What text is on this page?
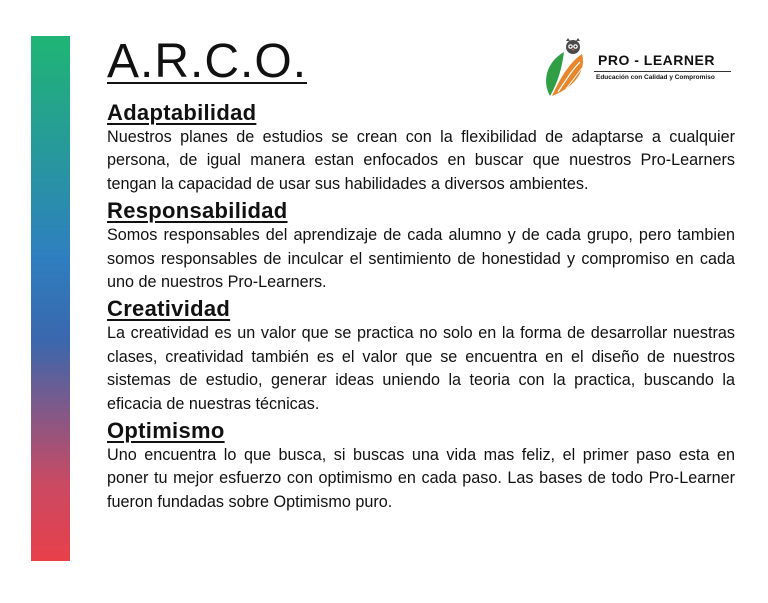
A.R.C.O.	PRO - LEARNER
Educación con Calidad y Compromiso
Adaptabilidad

Nuestros planes de estudios se crean con la flexibilidad de adaptarse a cualquier persona, de igual manera estan enfocados en buscar que nuestros Pro-Learners tengan la capacidad de usar sus habilidades a diversos ambientes.

Responsabilidad

Somos responsables del aprendizaje de cada alumno y de cada grupo, pero tambien somos responsables de inculcar el sentimiento de honestidad y compromiso en cada uno de nuestros Pro-Learners.

Creatividad

La creatividad es un valor que se practica no solo en la forma de desarrollar nuestras clases, creatividad también es el valor que se encuentra en el diseño de nuestros sistemas de estudio, generar ideas uniendo la teoria con la practica, buscando la eficacia de nuestras técnicas.

Optimismo

Uno encuentra lo que busca, si buscas una vida mas feliz, el primer paso esta en poner tu mejor esfuerzo con optimismo en cada paso. Las bases de todo Pro-Learner fueron fundadas sobre Optimismo puro.
